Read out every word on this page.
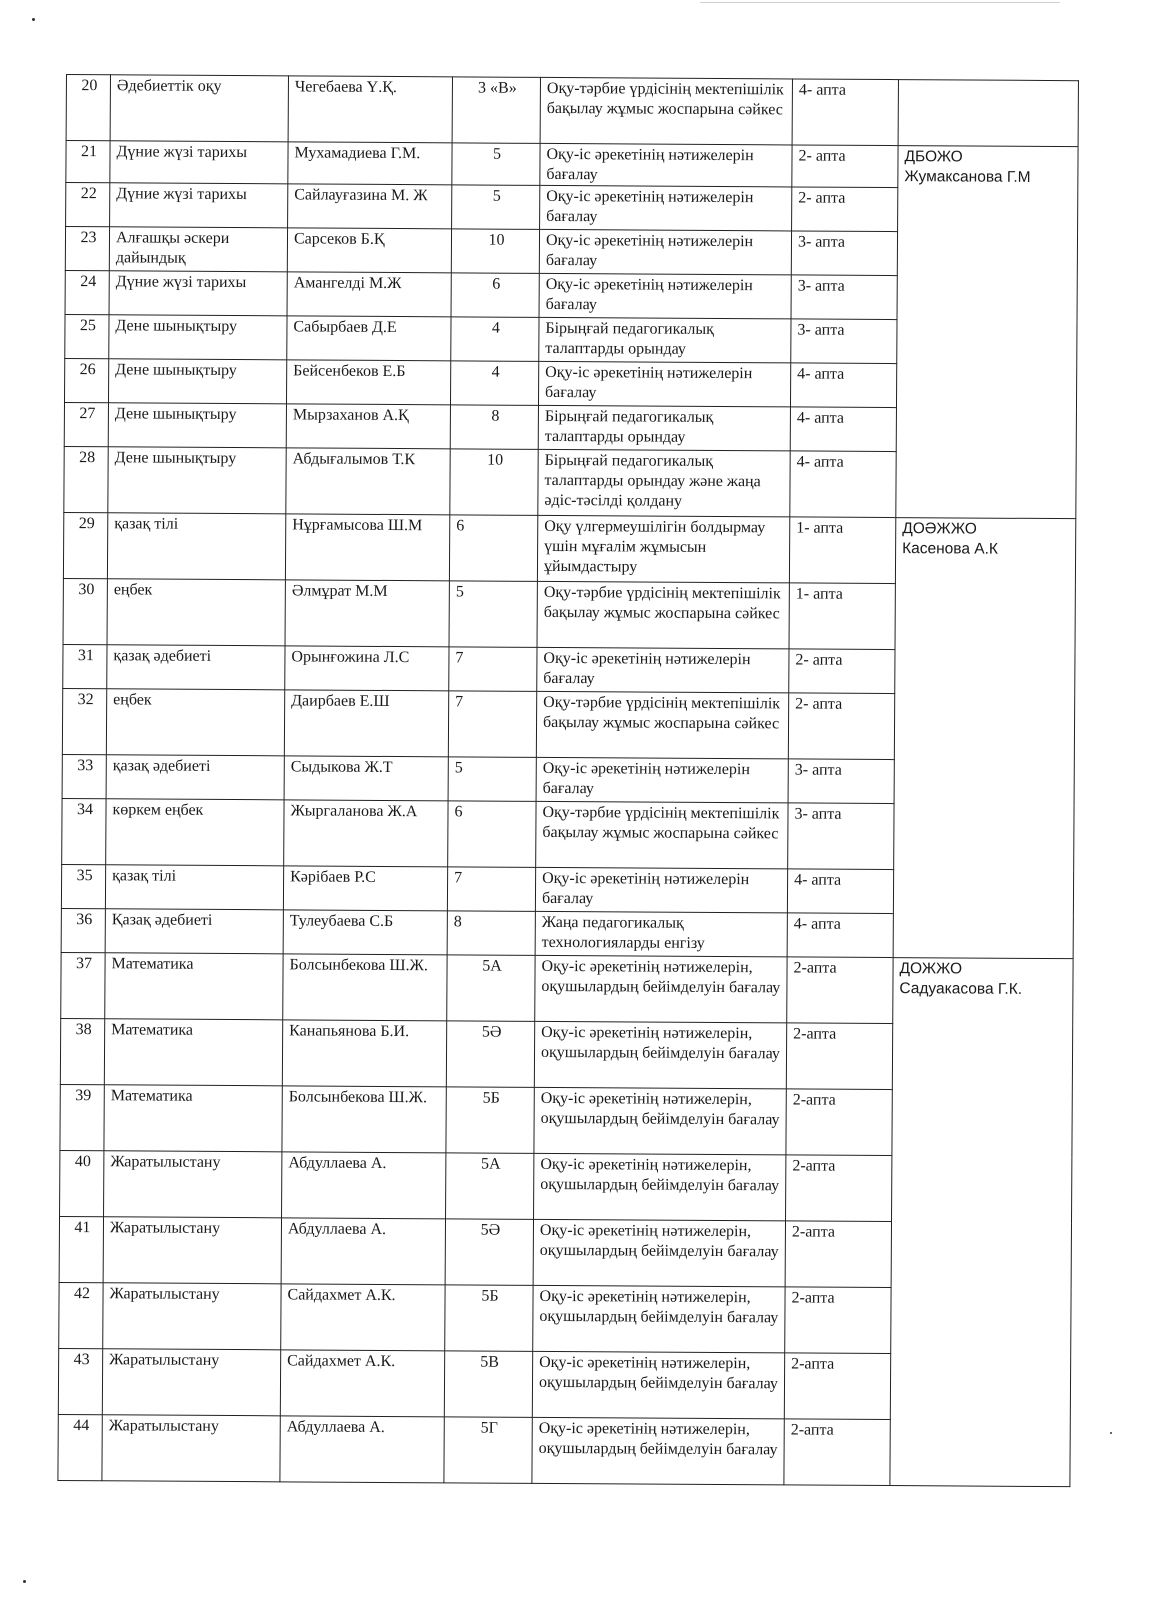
20	Әдебиеттік оқу	Чегебаева Ү.Қ.	3 «В»	Оқу-тәрбие үрдісінің мектепішілік бақылау жұмыс жоспарына сәйкес	4- апта	

21	Дүние жүзі тарихы	Мухамадиева Г.М.	5	Оқу-іс әрекетінің нәтижелерін бағалау	2- апта	ДБОЖО
Жумаксанова Г.М

22	Дүние жүзі тарихы	Сайлауғазина М. Ж	5	Оқу-іс әрекетінің нәтижелерін бағалау	2- апта	
23	Алғашқы әскери дайындық	Сарсеков Б.Қ	10	Оқу-іс әрекетінің нәтижелерін бағалау	3- апта	
24	Дүние жүзі тарихы	Амангелді М.Ж	6	Оқу-іс әрекетінің нәтижелерін бағалау	3- апта	
25	Дене шынықтыру	Сабырбаев Д.Е	4	Бірыңғай педагогикалық талаптарды орындау	3- апта	
26	Дене шынықтыру	Бейсенбеков Е.Б	4	Оқу-іс әрекетінің нәтижелерін бағалау	4- апта	
27	Дене шынықтыру	Мырзаханов А.Қ	8	Бірыңғай педагогикалық талаптарды орындау	4- апта	
28	Дене шынықтыру	Абдығалымов Т.К	10	Бірыңғай педагогикалық талаптарды орындау және жаңа әдіс-тәсілді қолдану	4- апта	
29	қазақ тілі	Нұрғамысова Ш.М	6	Оқу үлгермеушілігін болдырмау үшін мұғалім жұмысын ұйымдастыру	1- апта	ДОӘЖЖО
Касенова А.К

30	еңбек	Әлмұрат М.М	5	Оқу-тәрбие үрдісінің мектепішілік бақылау жұмыс жоспарына сәйкес	1- апта	
31	қазақ әдебиеті	Орынғожина Л.С	7	Оқу-іс әрекетінің нәтижелерін бағалау	2- апта	
32	еңбек	Даирбаев Е.Ш	7	Оқу-тәрбие үрдісінің мектепішілік бақылау жұмыс жоспарына сәйкес	2- апта	
33	қазақ әдебиеті	Сыдыкова Ж.Т	5	Оқу-іс әрекетінің нәтижелерін бағалау	3- апта	
34	көркем еңбек	Жыргаланова Ж.А	6	Оқу-тәрбие үрдісінің мектепішілік бақылау жұмыс жоспарына сәйкес	3- апта	
35	қазақ тілі	Кәрібаев Р.С	7	Оқу-іс әрекетінің нәтижелерін бағалау	4- апта	
36	Қазақ әдебиеті	Тулеубаева С.Б	8	Жаңа педагогикалық технологияларды енгізу	4- апта	
37	Математика	Болсынбекова Ш.Ж.	5А	Оқу-іс әрекетінің нәтижелерін, оқушылардың бейімделуін бағалау	2-апта	ДОЖЖО
Садуакасова Г.К.

38	Математика	Канапьянова Б.И.	5Ә	Оқу-іс әрекетінің нәтижелерін, оқушылардың бейімделуін бағалау	2-апта	
39	Математика	Болсынбекова Ш.Ж.	5Б	Оқу-іс әрекетінің нәтижелерін, оқушылардың бейімделуін бағалау	2-апта	
40	Жаратылыстану	Абдуллаева А.	5А	Оқу-іс әрекетінің нәтижелерін, оқушылардың бейімделуін бағалау	2-апта	
41	Жаратылыстану	Абдуллаева А.	5Ә	Оқу-іс әрекетінің нәтижелерін, оқушылардың бейімделуін бағалау	2-апта	
42	Жаратылыстану	Сайдахмет А.К.	5Б	Оқу-іс әрекетінің нәтижелерін, оқушылардың бейімделуін бағалау	2-апта	
43	Жаратылыстану	Сайдахмет А.К.	5В	Оқу-іс әрекетінің нәтижелерін, оқушылардың бейімделуін бағалау	2-апта	
44	Жаратылыстану	Абдуллаева А.	5Г	Оқу-іс әрекетінің нәтижелерін, оқушылардың бейімделуін бағалау	2-апта	
